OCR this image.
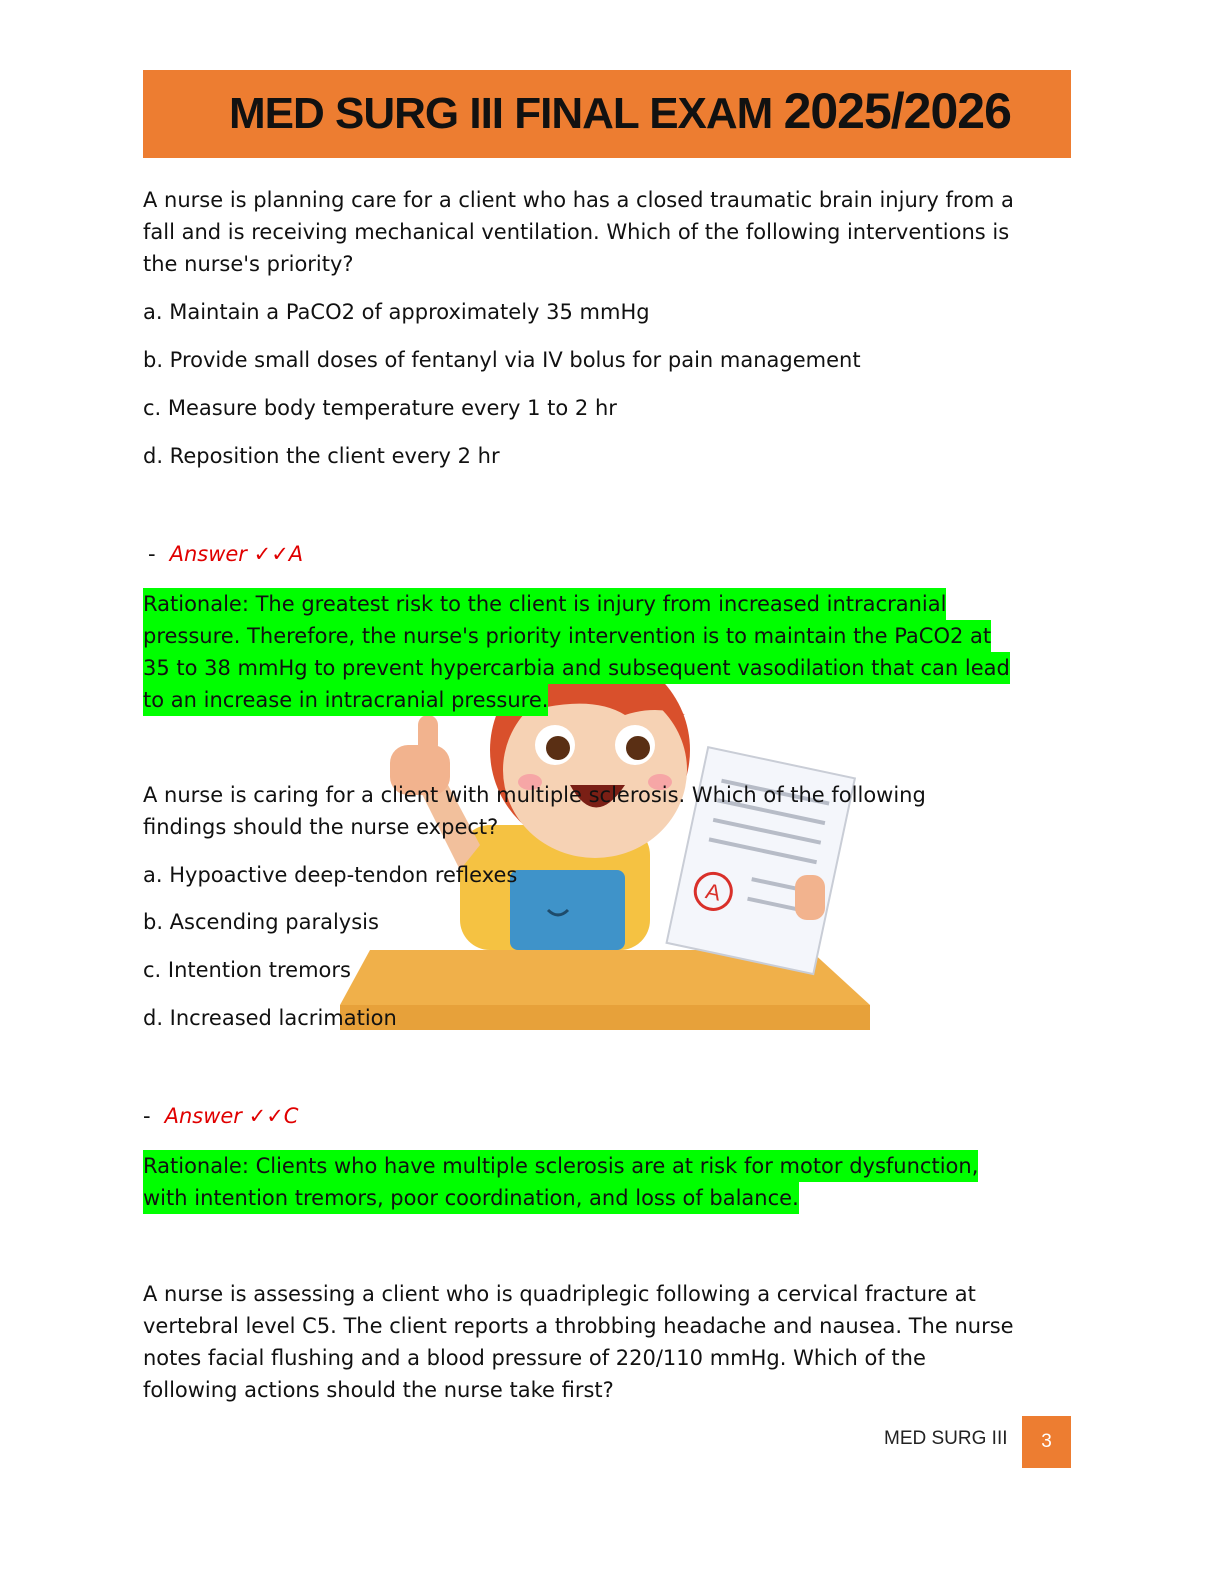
MED SURG III FINAL EXAM 2025/2026
A

A nurse is planning care for a client who has a closed traumatic brain injury from a

fall and is receiving mechanical ventilation. Which of the following interventions is

the nurse's priority?

a. Maintain a PaCO2 of approximately 35 mmHg

b. Provide small doses of fentanyl via IV bolus for pain management

c. Measure body temperature every 1 to 2 hr

d. Reposition the client every 2 hr

- Answer ✓✓A
Rationale: The greatest risk to the client is injury from increased intracranial
pressure. Therefore, the nurse's priority intervention is to maintain the PaCO2 at
35 to 38 mmHg to prevent hypercarbia and subsequent vasodilation that can lead
to an increase in intracranial pressure.

A nurse is caring for a client with multiple sclerosis. Which of the following

findings should the nurse expect?

a. Hypoactive deep-tendon reflexes

b. Ascending paralysis

c. Intention tremors

d. Increased lacrimation

- Answer ✓✓C
Rationale: Clients who have multiple sclerosis are at risk for motor dysfunction,
with intention tremors, poor coordination, and loss of balance.

A nurse is assessing a client who is quadriplegic following a cervical fracture at

vertebral level C5. The client reports a throbbing headache and nausea. The nurse

notes facial flushing and a blood pressure of 220/110 mmHg. Which of the

following actions should the nurse take first?

MED SURG III	3
